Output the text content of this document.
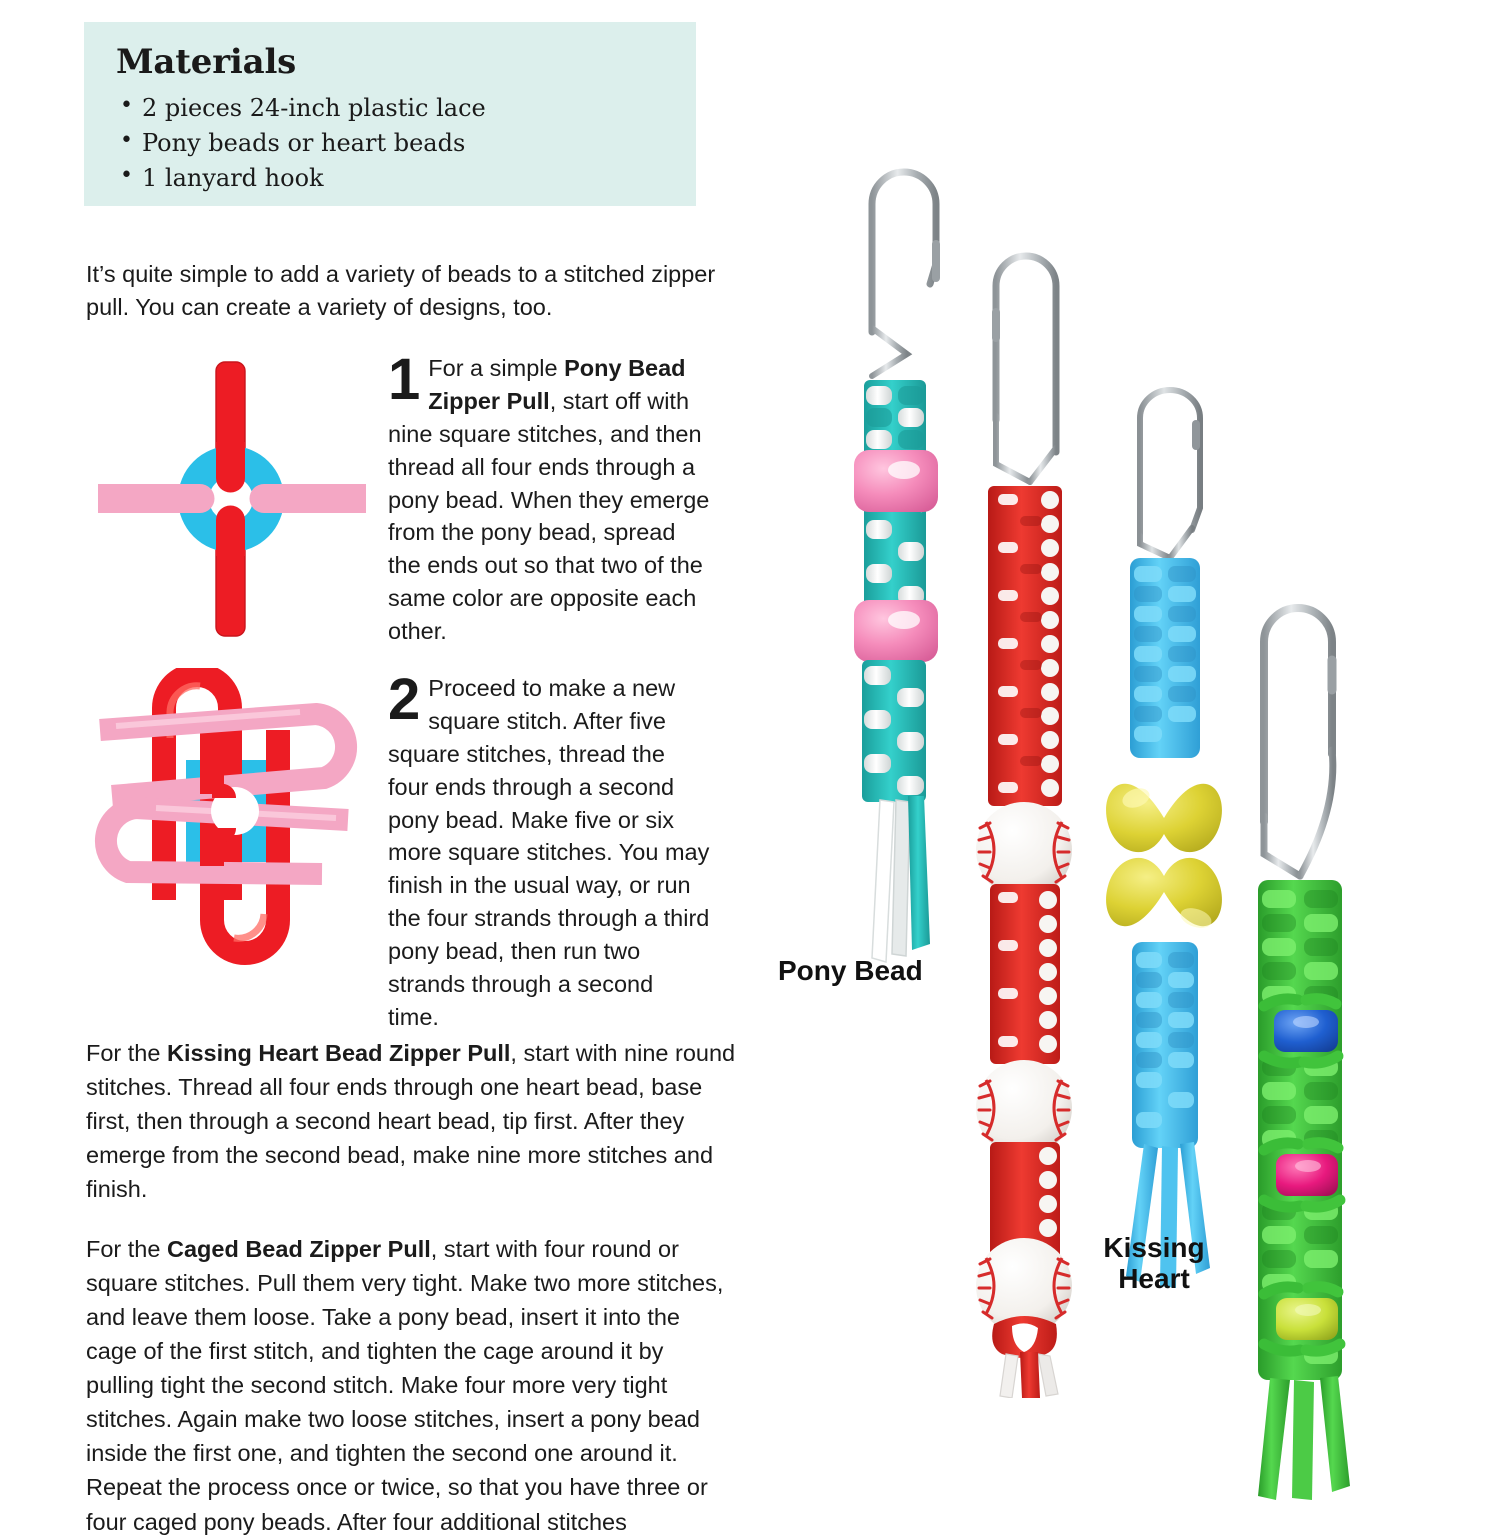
Materials
• 2 pieces 24-inch plastic lace
• Pony beads or heart beads
• 1 lanyard hook
It’s quite simple to add a variety of beads to a stitched zipper pull. You can create a variety of designs, too.
1 For a simple Pony Bead Zipper Pull, start off with nine square stitches, and then thread all four ends through a pony bead. When they emerge from the pony bead, spread the ends out so that two of the same color are opposite each other.
2 Proceed to make a new square stitch. After five square stitches, thread the four ends through a second pony bead. Make five or six more square stitches. You may finish in the usual way, or run the four strands through a third pony bead, then run two strands through a second time.
For the Kissing Heart Bead Zipper Pull, start with nine round stitches. Thread all four ends through one heart bead, base first, then through a second heart bead, tip first. After they emerge from the second bead, make nine more stitches and finish.
For the Caged Bead Zipper Pull, start with four round or square stitches. Pull them very tight. Make two more stitches, and leave them loose. Take a pony bead, insert it into the cage of the first stitch, and tighten the cage around it by pulling tight the second stitch. Make four more very tight stitches. Again make two loose stitches, insert a pony bead inside the first one, and tighten the second one around it. Repeat the process once or twice, so that you have three or four caged pony beads. After four additional stitches
Pony Bead
Kissing
Heart
